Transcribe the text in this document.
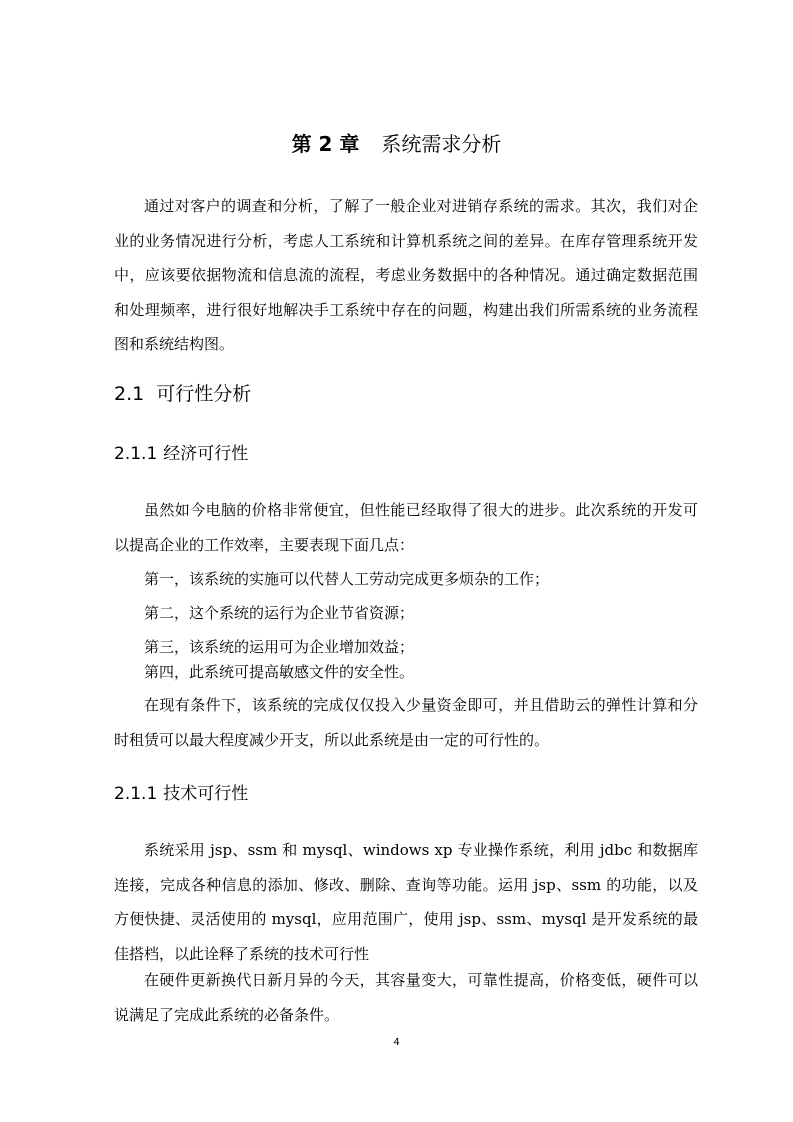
第 2 章 系统需求分析

通过对客户的调查和分析，了解了一般企业对进销存系统的需求。其次，我们对企业的业务情况进行分析，考虑人工系统和计算机系统之间的差异。在库存管理系统开发中，应该要依据物流和信息流的流程，考虑业务数据中的各种情况。通过确定数据范围和处理频率，进行很好地解决手工系统中存在的问题，构建出我们所需系统的业务流程图和系统结构图。

2.1 可行性分析
2.1.1 经济可行性

虽然如今电脑的价格非常便宜，但性能已经取得了很大的进步。此次系统的开发可以提高企业的工作效率，主要表现下面几点：

第一，该系统的实施可以代替人工劳动完成更多烦杂的工作；

第二，这个系统的运行为企业节省资源；

第三，该系统的运用可为企业增加效益；

第四，此系统可提高敏感文件的安全性。

在现有条件下，该系统的完成仅仅投入少量资金即可，并且借助云的弹性计算和分时租赁可以最大程度减少开支，所以此系统是由一定的可行性的。

2.1.1 技术可行性

系统采用 jsp、ssm 和 mysql、windows xp 专业操作系统，利用 jdbc 和数据库连接，完成各种信息的添加、修改、删除、查询等功能。运用 jsp、ssm 的功能，以及方便快捷、灵活使用的 mysql，应用范围广，使用 jsp、ssm、mysql 是开发系统的最佳搭档，以此诠释了系统的技术可行性

在硬件更新换代日新月异的今天，其容量变大，可靠性提高，价格变低，硬件可以说满足了完成此系统的必备条件。

4
